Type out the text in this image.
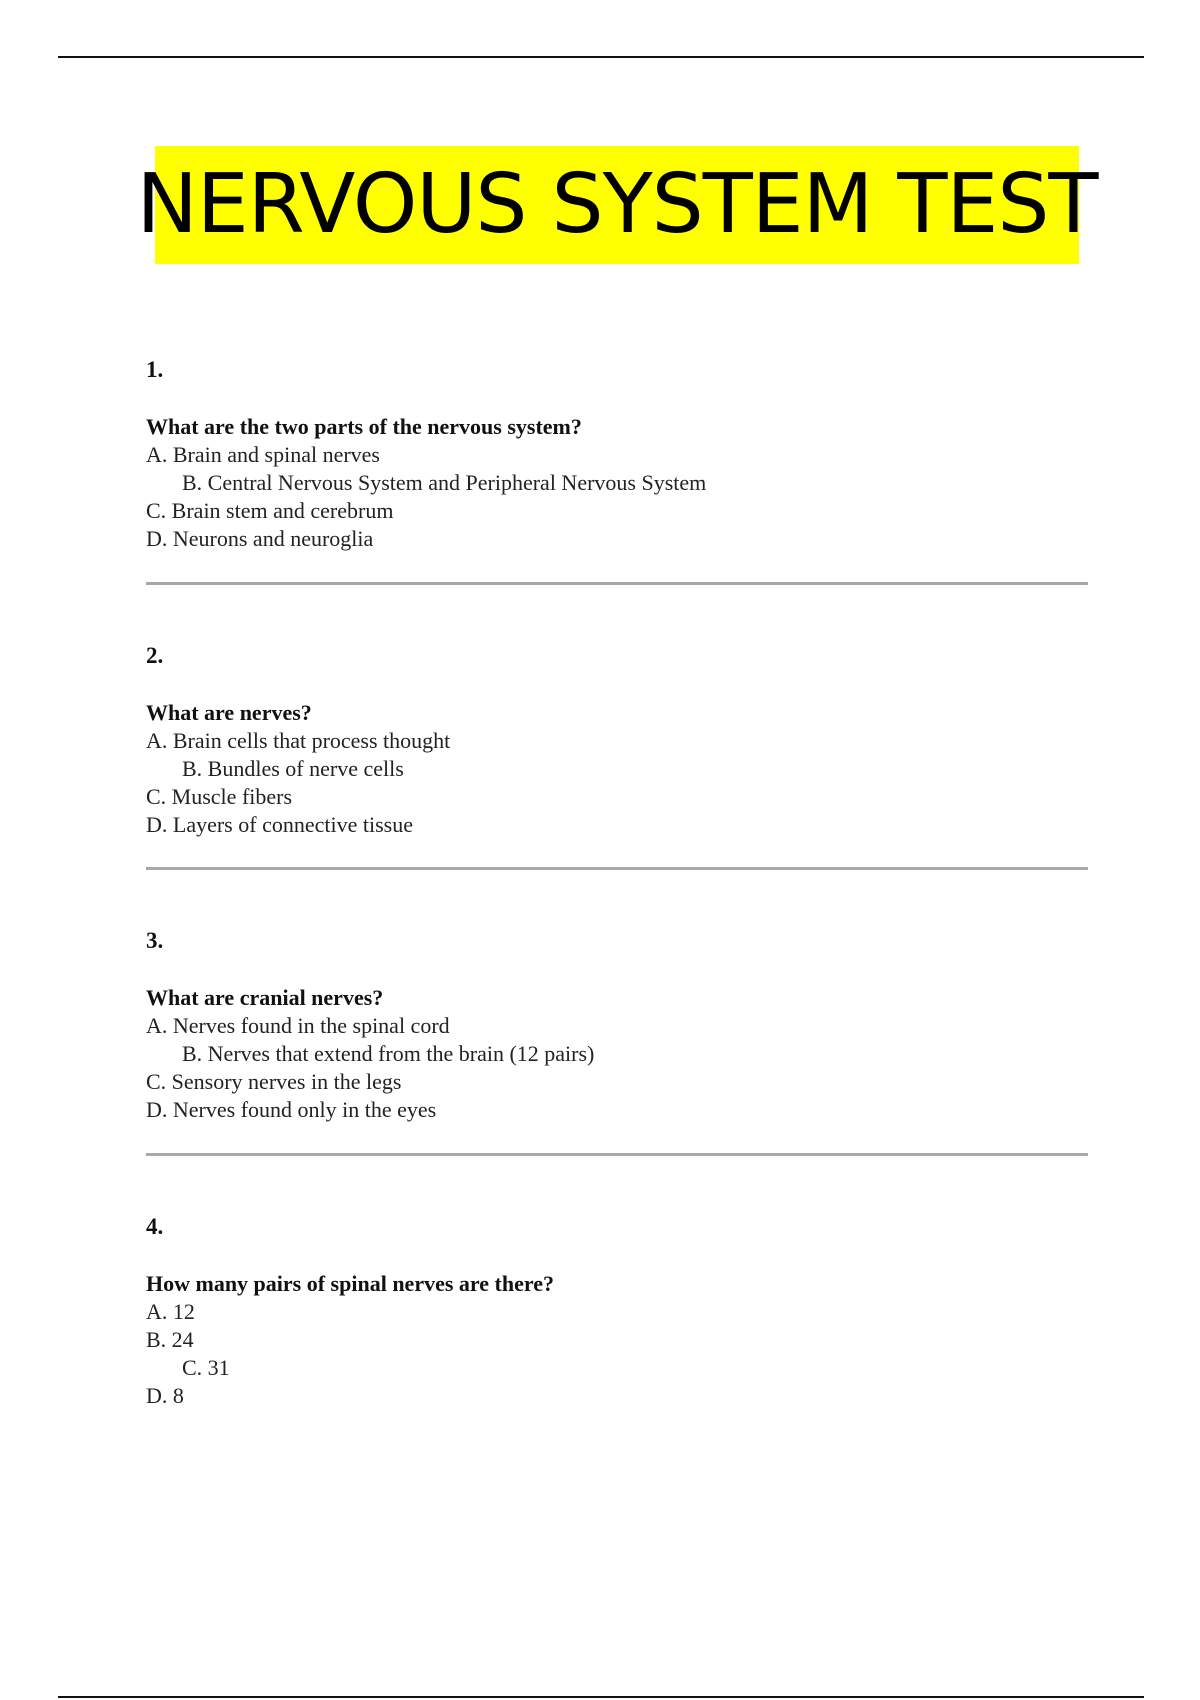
NERVOUS SYSTEM TEST
1.
What are the two parts of the nervous system?
A. Brain and spinal nerves
B. Central Nervous System and Peripheral Nervous System
C. Brain stem and cerebrum
D. Neurons and neuroglia
2.
What are nerves?
A. Brain cells that process thought
B. Bundles of nerve cells
C. Muscle fibers
D. Layers of connective tissue
3.
What are cranial nerves?
A. Nerves found in the spinal cord
B. Nerves that extend from the brain (12 pairs)
C. Sensory nerves in the legs
D. Nerves found only in the eyes
4.
How many pairs of spinal nerves are there?
A. 12
B. 24
C. 31
D. 8
